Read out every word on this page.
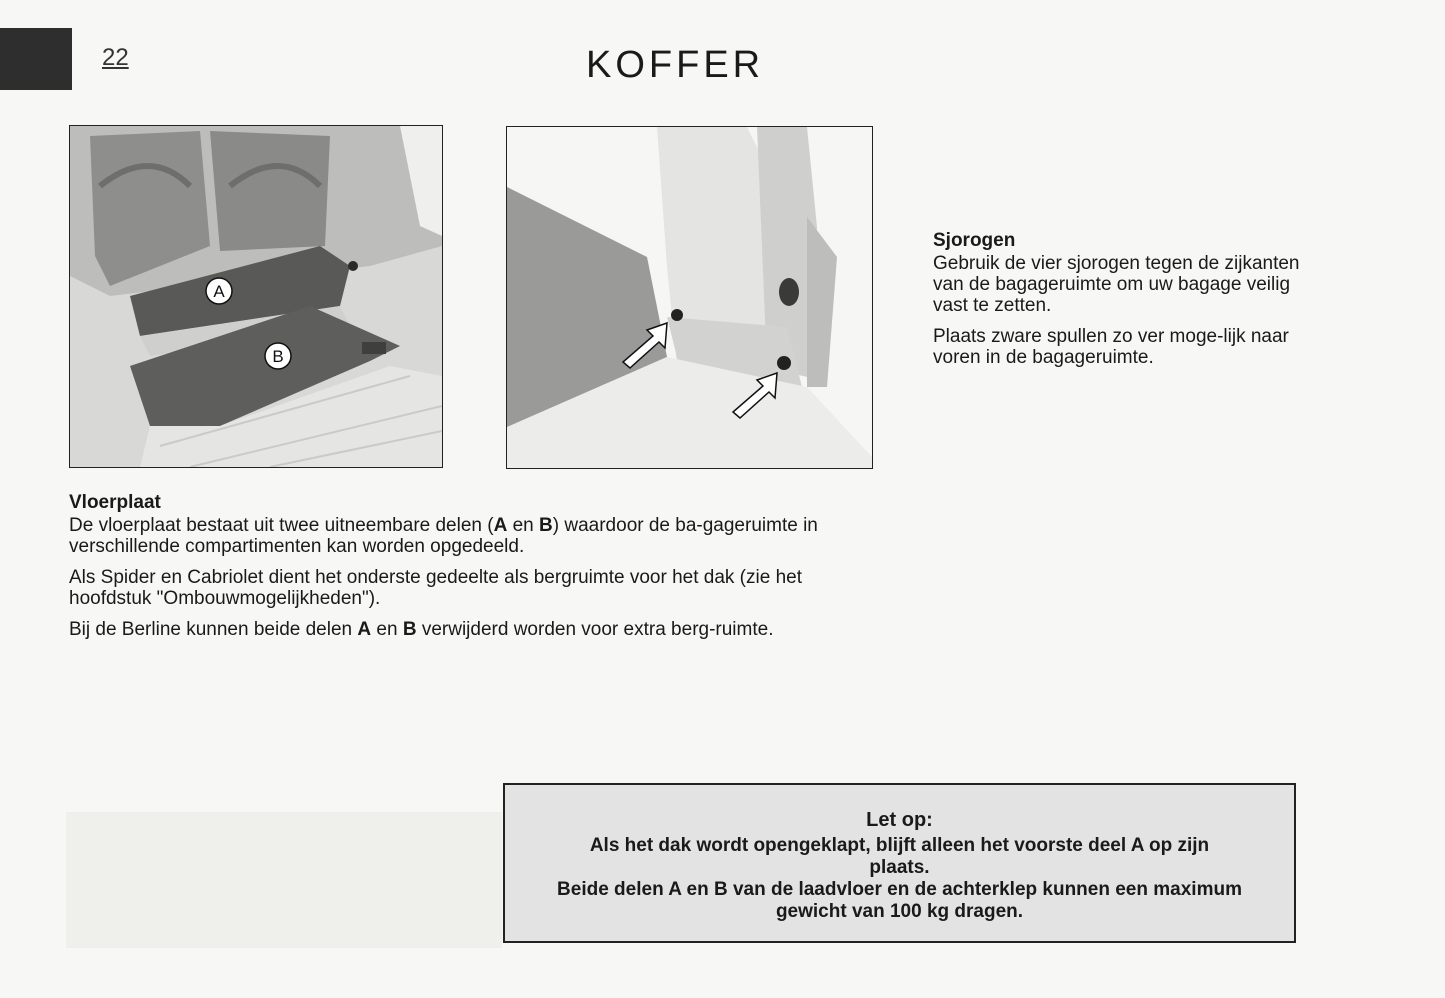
22	KOFFER
A
B
Vloerplaat

De vloerplaat bestaat uit twee uitneembare delen (A en B) waardoor de ba-gageruimte in verschillende compartimenten kan worden opgedeeld.

Als Spider en Cabriolet dient het onderste gedeelte als bergruimte voor het dak (zie het hoofdstuk "Ombouwmogelijkheden").

Bij de Berline kunnen beide delen A en B verwijderd worden voor extra berg-ruimte.

Sjorogen

Gebruik de vier sjorogen tegen de zijkanten van de bagageruimte om uw bagage veilig vast te zetten.

Plaats zware spullen zo ver moge-lijk naar voren in de bagageruimte.

Let op:
Als het dak wordt opengeklapt, blijft alleen het voorste deel A op zijn plaats.
Beide delen A en B van de laadvloer en de achterklep kunnen een maximum gewicht van 100 kg dragen.
